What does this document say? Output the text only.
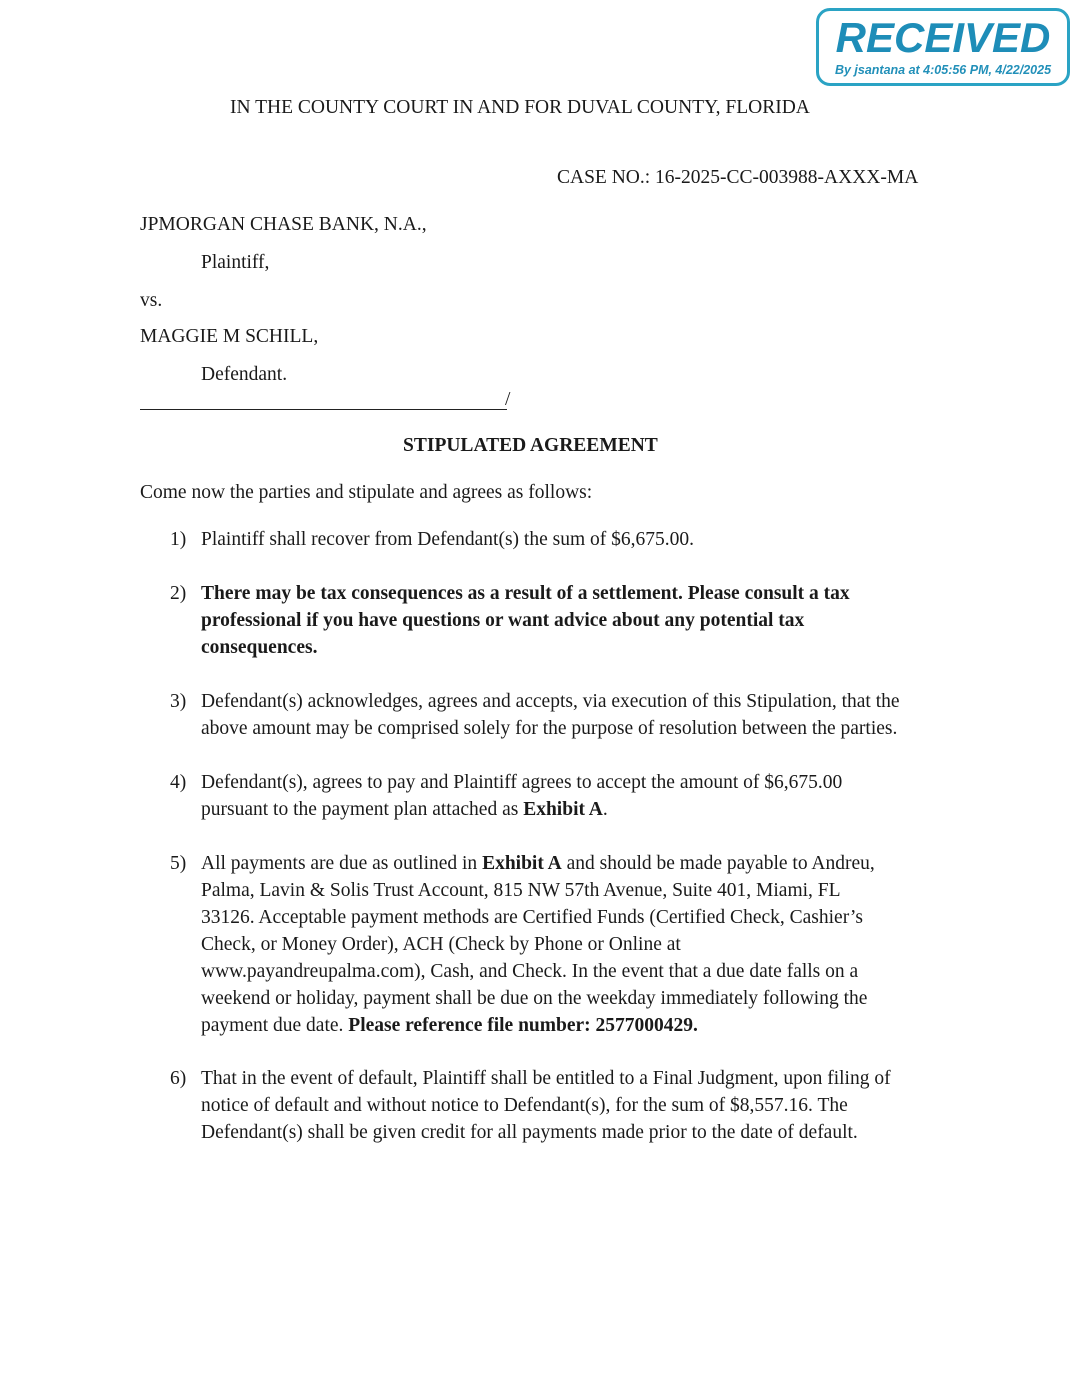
RECEIVED
By jsantana at 4:05:56 PM, 4/22/2025
IN THE COUNTY COURT IN AND FOR DUVAL COUNTY, FLORIDA
CASE NO.: 16-2025-CC-003988-AXXX-MA
JPMORGAN CHASE BANK, N.A.,
Plaintiff,
vs.
MAGGIE M SCHILL,
Defendant.
/
STIPULATED AGREEMENT
Come now the parties and stipulate and agrees as follows:
1) Plaintiff shall recover from Defendant(s) the sum of $6,675.00.
2) There may be tax consequences as a result of a settlement. Please consult a tax
professional if you have questions or want advice about any potential tax
consequences.
3) Defendant(s) acknowledges, agrees and accepts, via execution of this Stipulation, that the
above amount may be comprised solely for the purpose of resolution between the parties.
4) Defendant(s), agrees to pay and Plaintiff agrees to accept the amount of $6,675.00
pursuant to the payment plan attached as Exhibit A.
5) All payments are due as outlined in Exhibit A and should be made payable to Andreu,
Palma, Lavin & Solis Trust Account, 815 NW 57th Avenue, Suite 401, Miami, FL
33126. Acceptable payment methods are Certified Funds (Certified Check, Cashier’s
Check, or Money Order), ACH (Check by Phone or Online at
www.payandreupalma.com), Cash, and Check. In the event that a due date falls on a
weekend or holiday, payment shall be due on the weekday immediately following the
payment due date. Please reference file number: 2577000429.
6) That in the event of default, Plaintiff shall be entitled to a Final Judgment, upon filing of
notice of default and without notice to Defendant(s), for the sum of $8,557.16. The
Defendant(s) shall be given credit for all payments made prior to the date of default.
